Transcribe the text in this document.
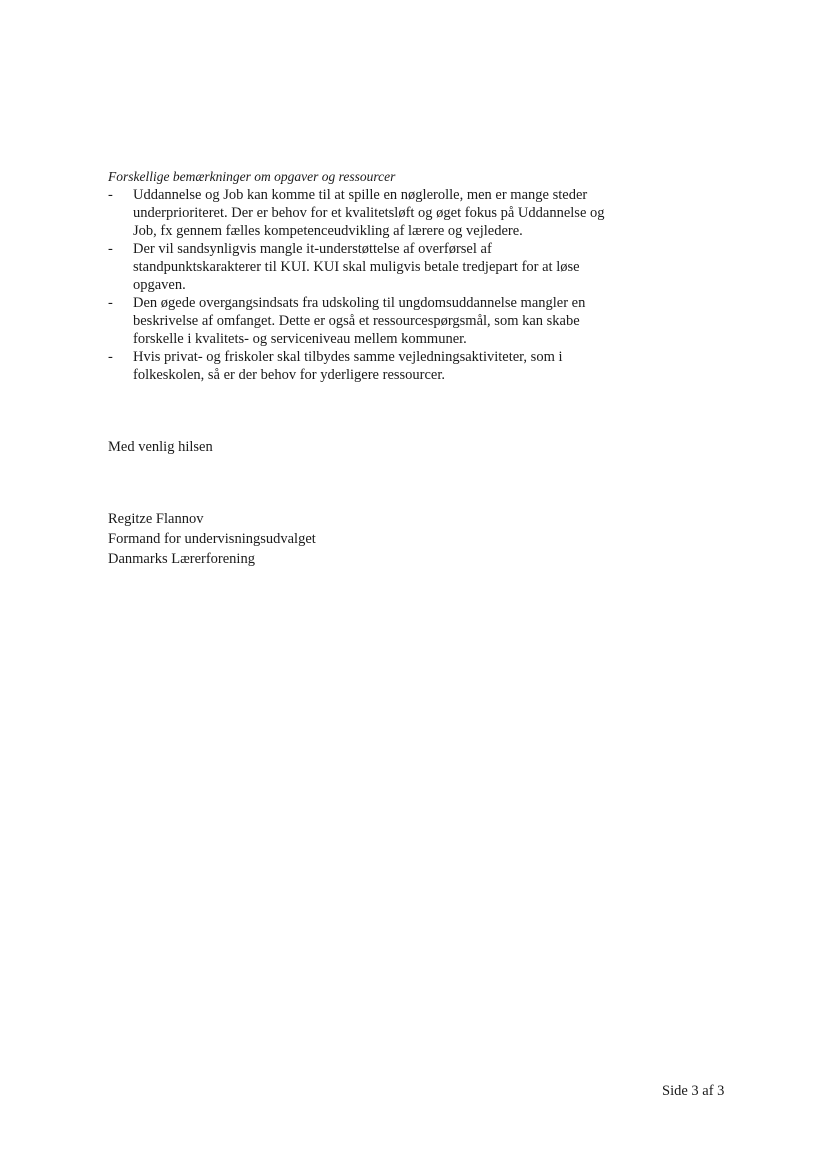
Forskellige bemærkninger om opgaver og ressourcer
-	Uddannelse og Job kan komme til at spille en nøglerolle, men er mange steder underprioriteret. Der er behov for et kvalitetsløft og øget fokus på Uddannelse og Job, fx gennem fælles kompetenceudvikling af lærere og vejledere.
-	Der vil sandsynligvis mangle it-understøttelse af overførsel af standpunktskarakterer til KUI. KUI skal muligvis betale tredjepart for at løse opgaven.
-	Den øgede overgangsindsats fra udskoling til ungdomsuddannelse mangler en beskrivelse af omfanget. Dette er også et ressourcespørgsmål, som kan skabe forskelle i kvalitets- og serviceniveau mellem kommuner.
-	Hvis privat- og friskoler skal tilbydes samme vejledningsaktiviteter, som i folkeskolen, så er der behov for yderligere ressourcer.
Med venlig hilsen
Regitze Flannov
Formand for undervisningsudvalget
Danmarks Lærerforening
Side 3 af 3
